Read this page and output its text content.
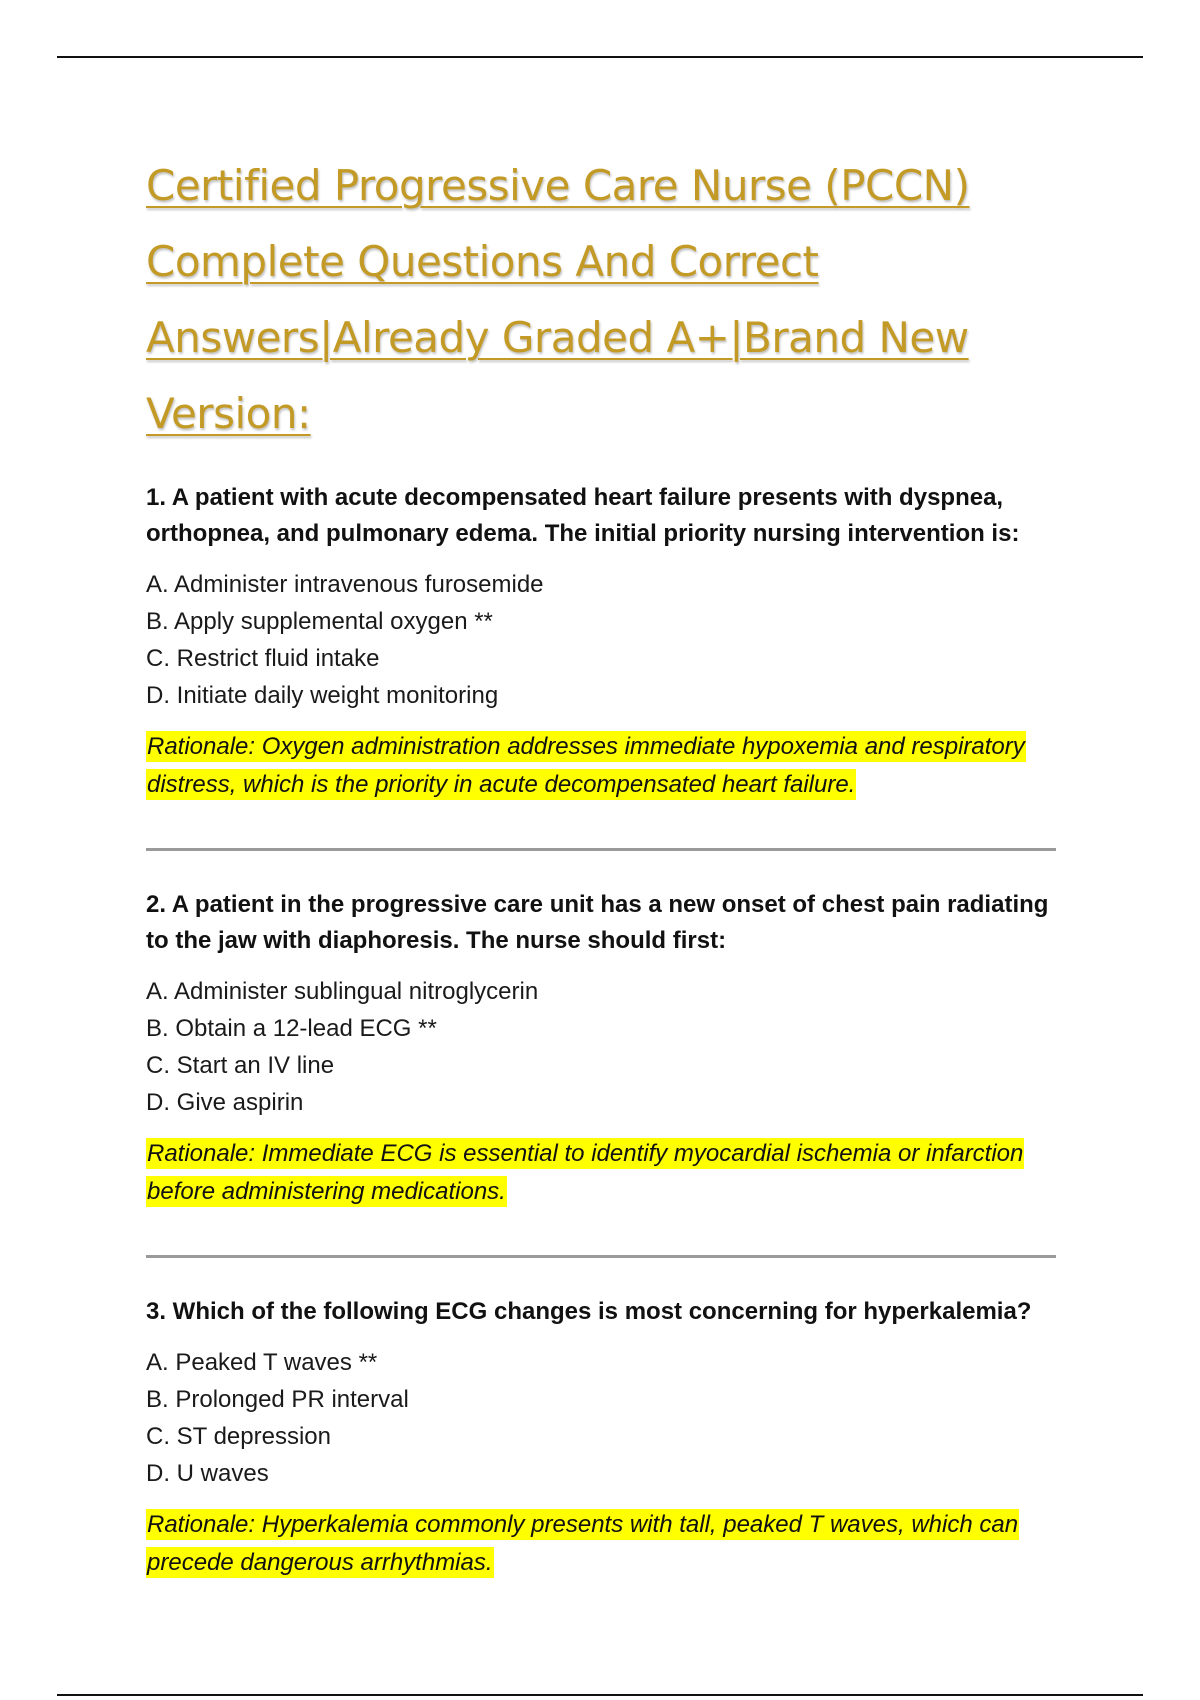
Certified Progressive Care Nurse (PCCN) Complete Questions And Correct Answers|Already Graded A+|Brand New Version:

1. A patient with acute decompensated heart failure presents with dyspnea, orthopnea, and pulmonary edema. The initial priority nursing intervention is:

A. Administer intravenous furosemide
B. Apply supplemental oxygen **
C. Restrict fluid intake
D. Initiate daily weight monitoring

Rationale: Oxygen administration addresses immediate hypoxemia and respiratory distress, which is the priority in acute decompensated heart failure.

2. A patient in the progressive care unit has a new onset of chest pain radiating to the jaw with diaphoresis. The nurse should first:

A. Administer sublingual nitroglycerin
B. Obtain a 12-lead ECG **
C. Start an IV line
D. Give aspirin

Rationale: Immediate ECG is essential to identify myocardial ischemia or infarction before administering medications.

3. Which of the following ECG changes is most concerning for hyperkalemia?

A. Peaked T waves **
B. Prolonged PR interval
C. ST depression
D. U waves

Rationale: Hyperkalemia commonly presents with tall, peaked T waves, which can precede dangerous arrhythmias.
